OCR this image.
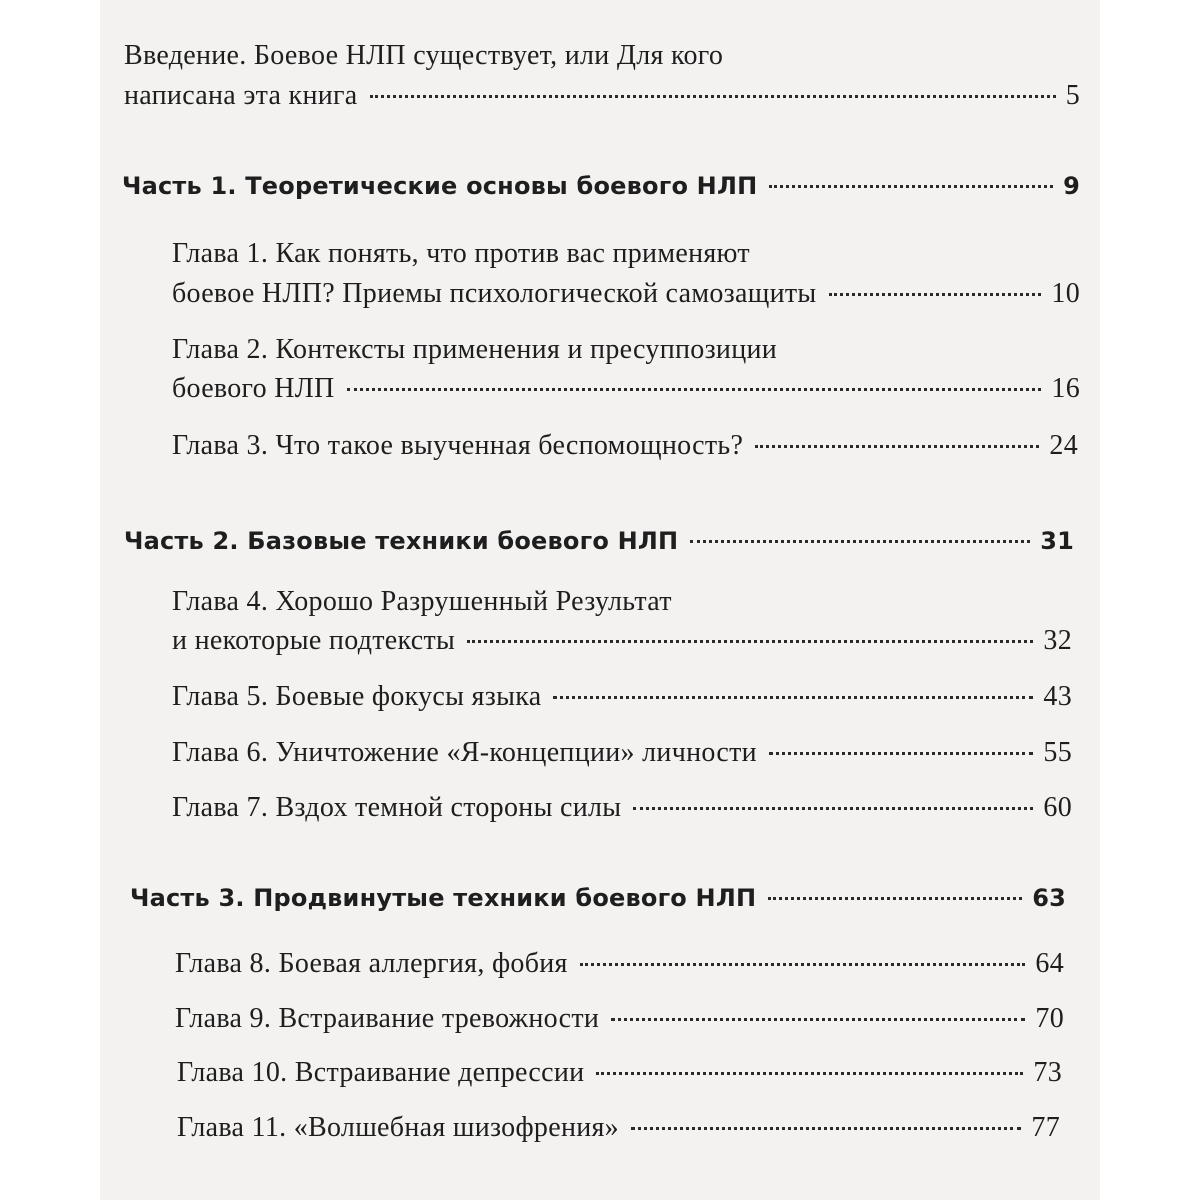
Введение. Боевое НЛП существует, или Для кого
написана эта книга	5
Часть 1. Теоретические основы боевого НЛП	9
Глава 1. Как понять, что против вас применяют
боевое НЛП? Приемы психологической самозащиты	10
Глава 2. Контексты применения и пресуппозиции
боевого НЛП	16
Глава 3. Что такое выученная беспомощность?	24
Часть 2. Базовые техники боевого НЛП	31
Глава 4. Хорошо Разрушенный Результат
и некоторые подтексты	32
Глава 5. Боевые фокусы языка	43
Глава 6. Уничтожение «Я-концепции» личности	55
Глава 7. Вздох темной стороны силы	60
Часть 3. Продвинутые техники боевого НЛП	63
Глава 8. Боевая аллергия, фобия	64
Глава 9. Встраивание тревожности	70
Глава 10. Встраивание депрессии	73
Глава 11. «Волшебная шизофрения»	77
